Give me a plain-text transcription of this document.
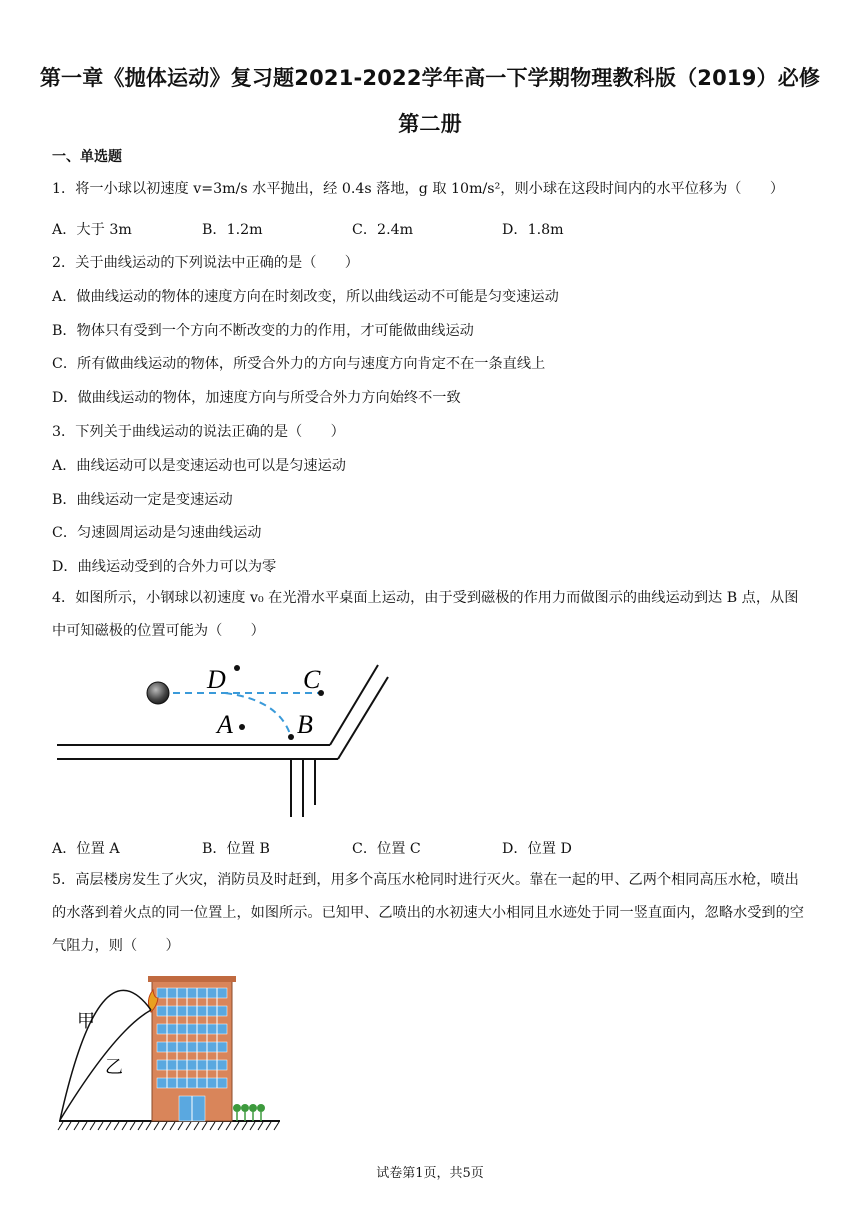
第一章《抛体运动》复习题2021-2022学年高一下学期物理教科版（2019）必修
第二册
一、单选题
1．将一小球以初速度 v=3m/s 水平抛出，经 0.4s 落地，g 取 10m/s²，则小球在这段时间内的水平位移为（　　）
A．大于 3m	B．1.2m	C．2.4m	D．1.8m
2．关于曲线运动的下列说法中正确的是（　　）
A．做曲线运动的物体的速度方向在时刻改变，所以曲线运动不可能是匀变速运动
B．物体只有受到一个方向不断改变的力的作用，才可能做曲线运动
C．所有做曲线运动的物体，所受合外力的方向与速度方向肯定不在一条直线上
D．做曲线运动的物体，加速度方向与所受合外力方向始终不一致
3．下列关于曲线运动的说法正确的是（　　）
A．曲线运动可以是变速运动也可以是匀速运动
B．曲线运动一定是变速运动
C．匀速圆周运动是匀速曲线运动
D．曲线运动受到的合外力可以为零
4．如图所示，小钢球以初速度 v₀ 在光滑水平桌面上运动，由于受到磁极的作用力而做图示的曲线运动到达 B 点，从图中可知磁极的位置可能为（　　）
D	C
A B
A．位置 A	B．位置 B	C．位置 C	D．位置 D
5．高层楼房发生了火灾，消防员及时赶到，用多个高压水枪同时进行灭火。靠在一起的甲、乙两个相同高压水枪，喷出的水落到着火点的同一位置上，如图所示。已知甲、乙喷出的水初速大小相同且水迹处于同一竖直面内，忽略水受到的空气阻力，则（　　）
甲
乙
试卷第1页，共5页
